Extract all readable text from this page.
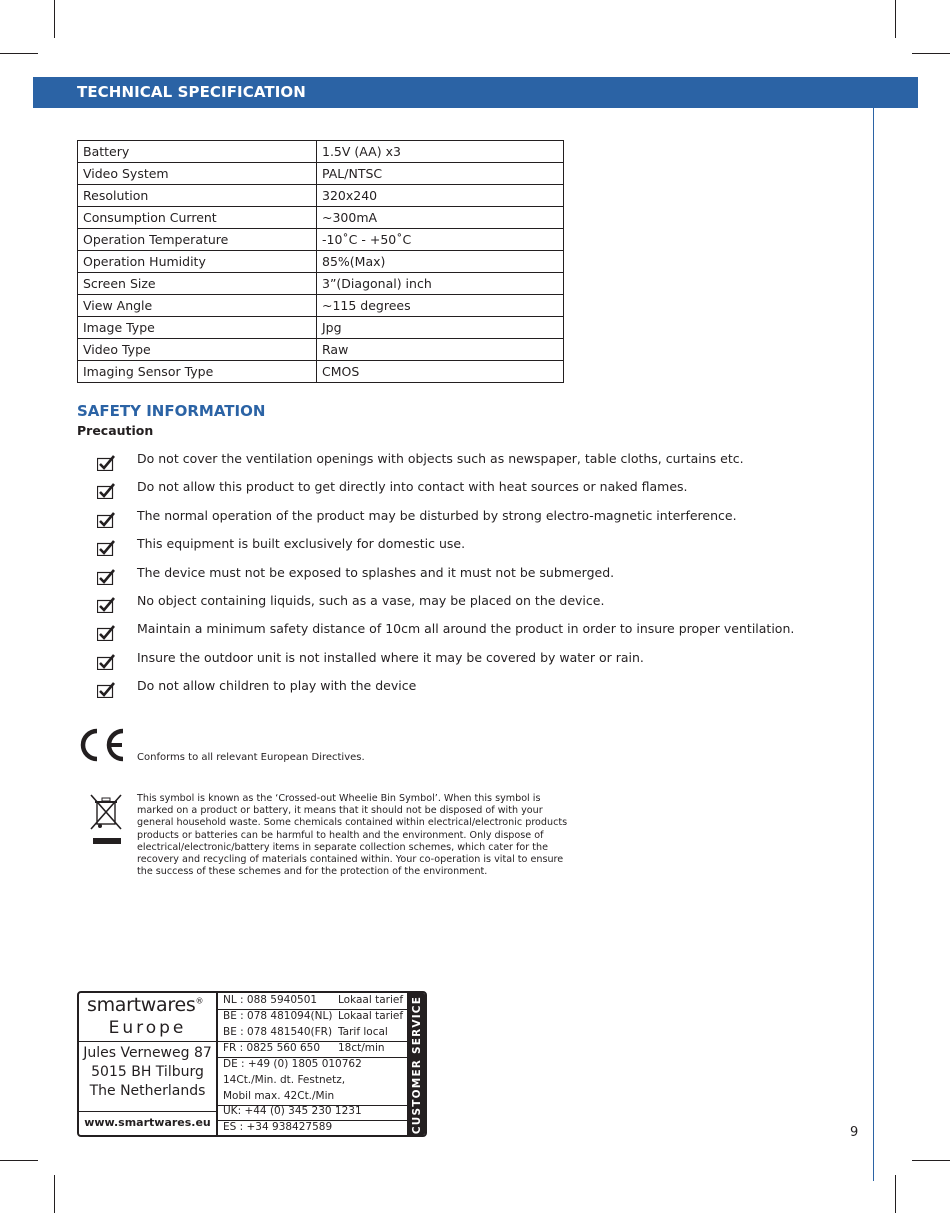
TECHNICAL SPECIFICATION
Battery	1.5V (AA) x3
Video System	PAL/NTSC
Resolution	320x240
Consumption Current	~300mA
Operation Temperature	-10˚C - +50˚C
Operation Humidity	85%(Max)
Screen Size	3”(Diagonal) inch
View Angle	~115 degrees
Image Type	Jpg
Video Type	Raw
Imaging Sensor Type	CMOS
SAFETY INFORMATION
Precaution
Do not cover the ventilation openings with objects such as newspaper, table cloths, curtains etc.
Do not allow this product to get directly into contact with heat sources or naked flames.
The normal operation of the product may be disturbed by strong electro-magnetic interference.
This equipment is built exclusively for domestic use.
The device must not be exposed to splashes and it must not be submerged.
No object containing liquids, such as a vase, may be placed on the device.
Maintain a minimum safety distance of 10cm all around the product in order to insure proper ventilation.
Insure the outdoor unit is not installed where it may be covered by water or rain.
Do not allow children to play with the device
Conforms to all relevant European Directives.
This symbol is known as the ‘Crossed-out Wheelie Bin Symbol’. When this symbol is
marked on a product or battery, it means that it should not be disposed of with your
general household waste. Some chemicals contained within electrical/electronic products
products or batteries can be harmful to health and the environment. Only dispose of
electrical/electronic/battery items in separate collection schemes, which cater for the
recovery and recycling of materials contained within. Your co-operation is vital to ensure
the success of these schemes and for the protection of the environment.
smartwares®
Europe
Jules Verneweg 87
5015 BH Tilburg
The Netherlands
www.smartwares.eu
NL : 088 5940501 Lokaal tarief
BE : 078 481094(NL) Lokaal tarief
BE : 078 481540(FR) Tarif local
FR : 0825 560 650 18ct/min
DE : +49 (0) 1805 010762
14Ct./Min. dt. Festnetz,
Mobil max. 42Ct./Min
UK: +44 (0) 345 230 1231
ES : +34 938427589	CUSTOMER SERVICE	9
